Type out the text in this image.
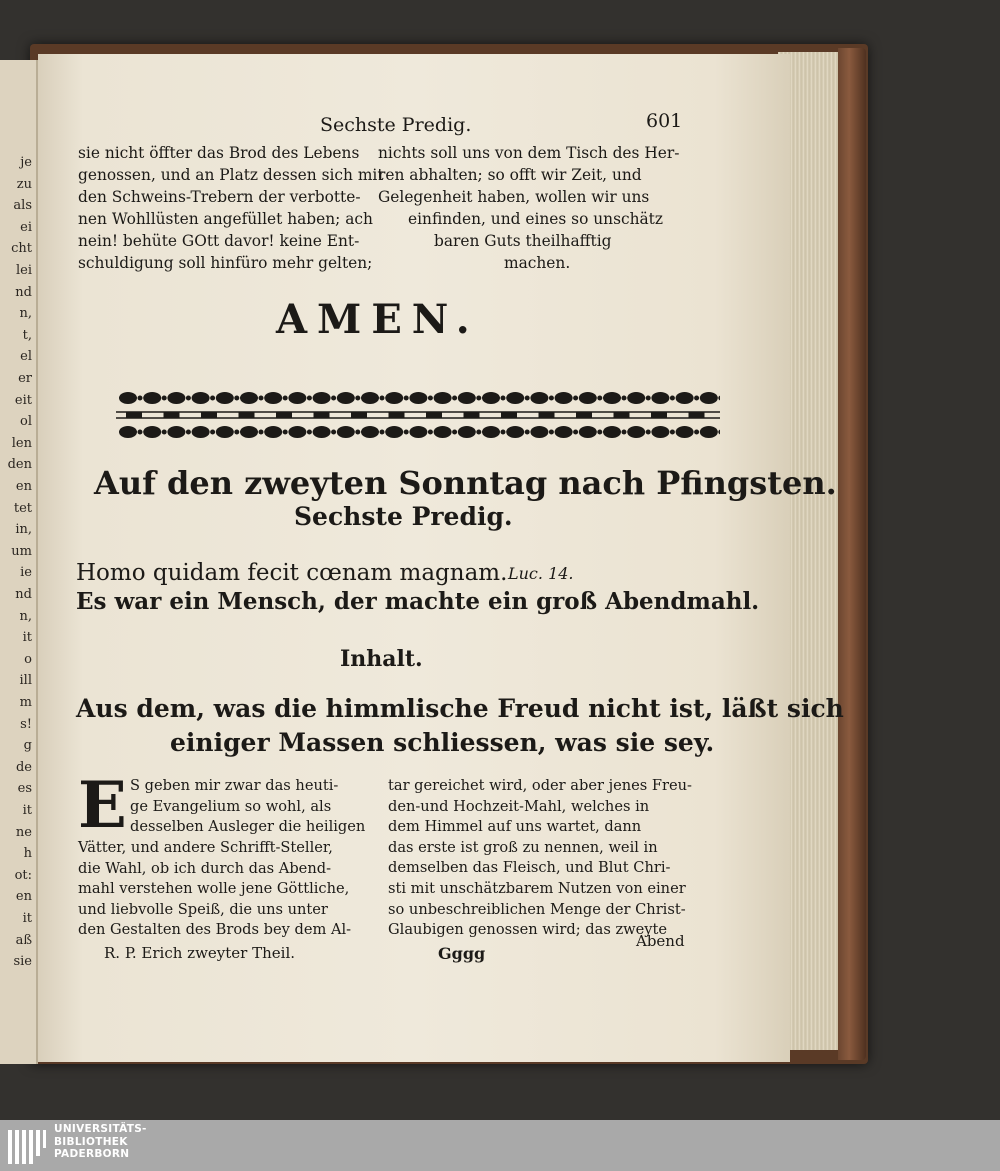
je
zu
als
ei
cht
lei
nd
n,
t,
el
er
eit
ol
len
den
en
tet
in,
um
ie
nd
n,
it
o
ill
m
s!
g
de
es
it
ne
h
ot:
en
it
aß
sie
Sechste Predig.	601
sie nicht öffter das Brod des Lebens
genossen, und an Platz dessen sich mit
den Schweins-Trebern der verbotte-
nen Wohllüsten angefüllet haben; ach
nein! behüte GOtt davor! keine Ent-
schuldigung soll hinfüro mehr gelten;
nichts soll uns von dem Tisch des Her-
ren abhalten; so offt wir Zeit, und
Gelegenheit haben, wollen wir uns
einfinden, und eines so unschätz
baren Guts theilhafftig
machen.
AMEN.
Auf den zweyten Sonntag nach Pfingsten.
Sechste Predig.
Homo quidam fecit cœnam magnam. Luc. 14.
Es war ein Mensch, der machte ein groß Abendmahl.
Inhalt.
Aus dem, was die himmlische Freud nicht ist, läßt sich
einiger Massen schliessen, was sie sey.
E S geben mir zwar das heuti-
ge Evangelium so wohl, als
desselben Ausleger die heiligen
Vätter, und andere Schrifft-Steller,
die Wahl, ob ich durch das Abend-
mahl verstehen wolle jene Göttliche,
und liebvolle Speiß, die uns unter
den Gestalten des Brods bey dem Al-
tar gereichet wird, oder aber jenes Freu-
den-und Hochzeit-Mahl, welches in
dem Himmel auf uns wartet, dann
das erste ist groß zu nennen, weil in
demselben das Fleisch, und Blut Chri-
sti mit unschätzbarem Nutzen von einer
so unbeschreiblichen Menge der Christ-
Glaubigen genossen wird; das zweyte
R. P. Erich zweyter Theil.	Gggg
Abend
UNIVERSITÄTS-
BIBLIOTHEK
PADERBORN
